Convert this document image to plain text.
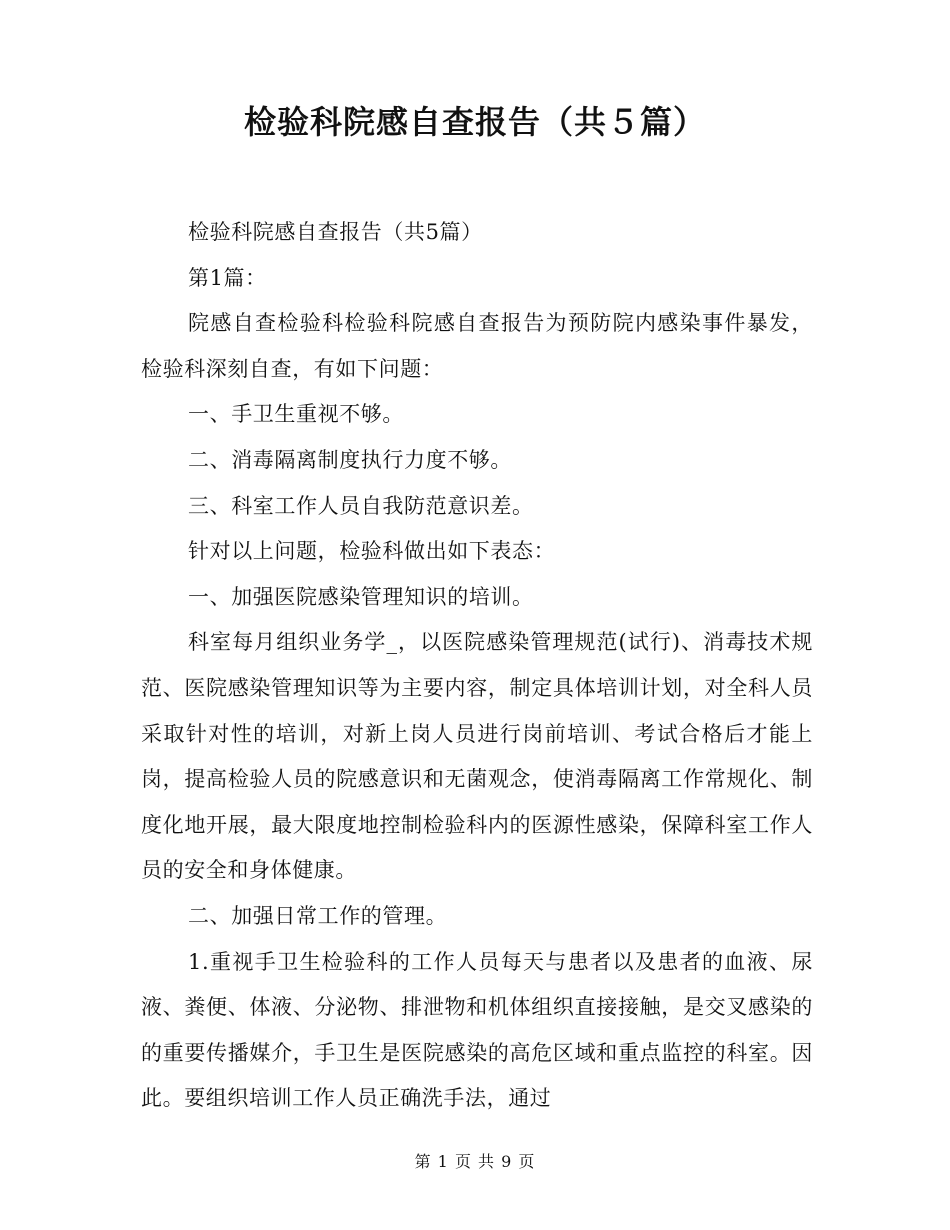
检验科院感自查报告（共５篇）

检验科院感自查报告（共5篇）

第1篇：

院感自查检验科检验科院感自查报告为预防院内感染事件暴发，检验科深刻自查，有如下问题：

一、手卫生重视不够。

二、消毒隔离制度执行力度不够。

三、科室工作人员自我防范意识差。

针对以上问题，检验科做出如下表态：

一、加强医院感染管理知识的培训。

科室每月组织业务学_，以医院感染管理规范(试行)、消毒技术规范、医院感染管理知识等为主要内容，制定具体培训计划，对全科人员采取针对性的培训，对新上岗人员进行岗前培训、考试合格后才能上岗，提高检验人员的院感意识和无菌观念，使消毒隔离工作常规化、制度化地开展，最大限度地控制检验科内的医源性感染，保障科室工作人员的安全和身体健康。

二、加强日常工作的管理。

1.重视手卫生检验科的工作人员每天与患者以及患者的血液、尿液、粪便、体液、分泌物、排泄物和机体组织直接接触，是交叉感染的的重要传播媒介，手卫生是医院感染的高危区域和重点监控的科室。因此。要组织培训工作人员正确洗手法，通过

第 1 页 共 9 页
